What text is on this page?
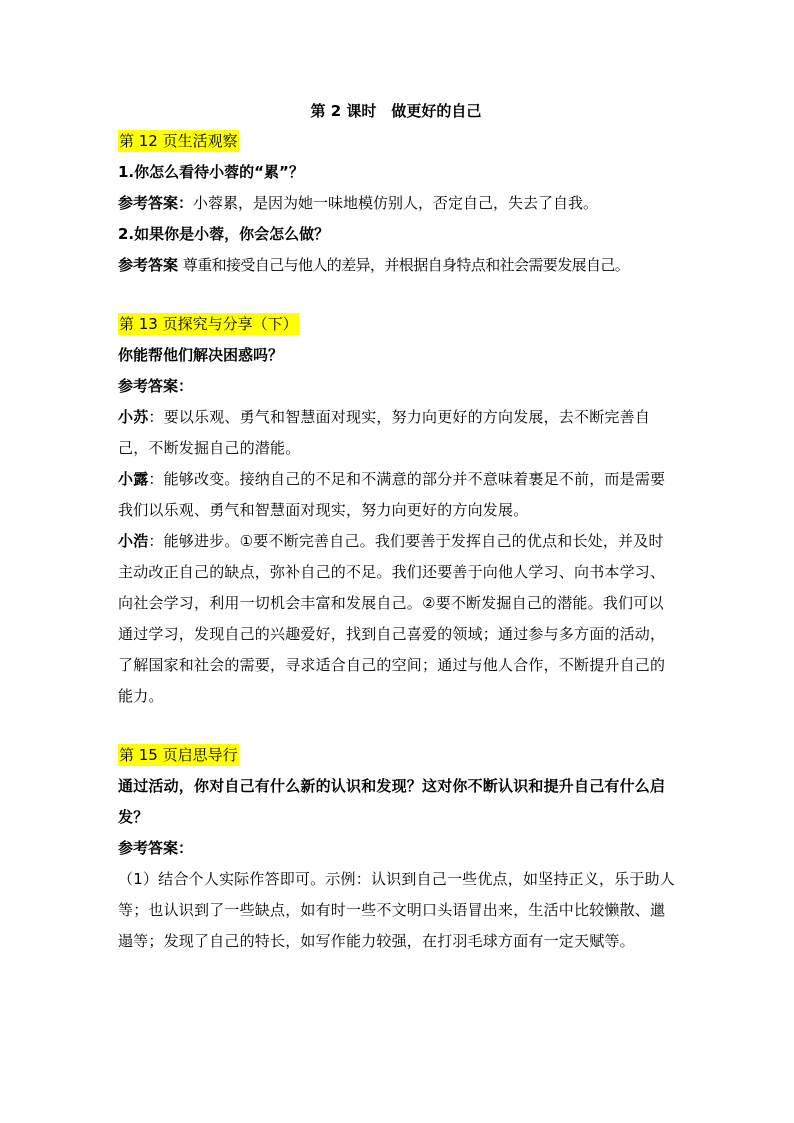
第 2 课时　做更好的自己

第 12 页生活观察

1.你怎么看待小蓉的“累”？

参考答案：小蓉累，是因为她一味地模仿别人，否定自己，失去了自我。

2.如果你是小蓉，你会怎么做？

参考答案 尊重和接受自己与他人的差异，并根据自身特点和社会需要发展自己。

第 13 页探究与分享（下）

你能帮他们解决困惑吗？

参考答案：

小苏：要以乐观、勇气和智慧面对现实，努力向更好的方向发展，去不断完善自己，不断发掘自己的潜能。

小露：能够改变。接纳自己的不足和不满意的部分并不意味着裹足不前，而是需要我们以乐观、勇气和智慧面对现实，努力向更好的方向发展。

小浩：能够进步。①要不断完善自己。我们要善于发挥自己的优点和长处，并及时主动改正自己的缺点，弥补自己的不足。我们还要善于向他人学习、向书本学习、向社会学习，利用一切机会丰富和发展自己。②要不断发掘自己的潜能。我们可以通过学习，发现自己的兴趣爱好，找到自己喜爱的领域；通过参与多方面的活动，了解国家和社会的需要，寻求适合自己的空间；通过与他人合作，不断提升自己的能力。

第 15 页启思导行

通过活动，你对自己有什么新的认识和发现？这对你不断认识和提升自己有什么启发？

参考答案：

（1）结合个人实际作答即可。示例：认识到自己一些优点，如坚持正义，乐于助人等；也认识到了一些缺点，如有时一些不文明口头语冒出来，生活中比较懒散、邋遢等；发现了自己的特长，如写作能力较强，在打羽毛球方面有一定天赋等。
